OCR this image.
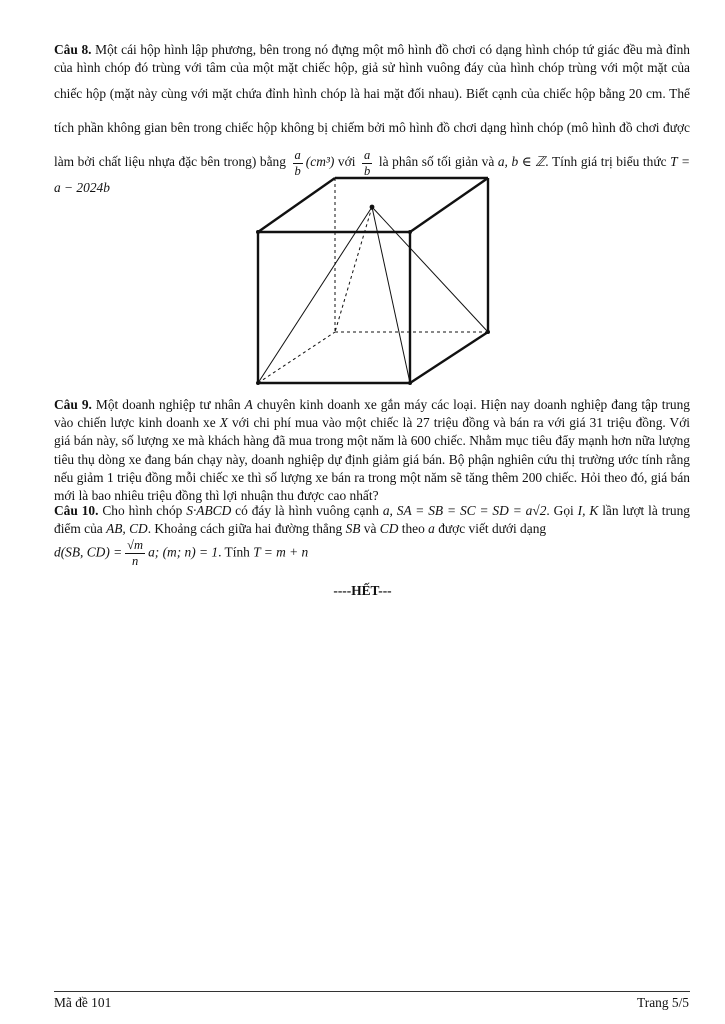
Câu 8. Một cái hộp hình lập phương, bên trong nó đựng một mô hình đồ chơi có dạng hình chóp tứ giác đều mà đỉnh của hình chóp đó trùng với tâm của một mặt chiếc hộp, giả sử hình vuông đáy của hình chóp trùng với một mặt của chiếc hộp (mặt này cùng với mặt chứa đỉnh hình chóp là hai mặt đối nhau). Biết cạnh của chiếc hộp bằng 20 cm. Thể tích phần không gian bên trong chiếc hộp không bị chiếm bởi mô hình đồ chơi dạng hình chóp (mô hình đồ chơi được làm bởi chất liệu nhựa đặc bên trong) bằng $\frac{a}{b} (cm^3)$ với $\frac{a}{b}$ là phân số tối giản và a, b ∈ ℤ. Tính giá trị biểu thức T = a − 2024b
Câu 9. Một doanh nghiệp tư nhân A chuyên kinh doanh xe gắn máy các loại. Hiện nay doanh nghiệp đang tập trung vào chiến lược kinh doanh xe X với chi phí mua vào một chiếc là 27 triệu đồng và bán ra với giá 31 triệu đồng. Với giá bán này, số lượng xe mà khách hàng đã mua trong một năm là 600 chiếc. Nhằm mục tiêu đẩy mạnh hơn nữa lượng tiêu thụ dòng xe đang bán chạy này, doanh nghiệp dự định giảm giá bán. Bộ phận nghiên cứu thị trường ước tính rằng nếu giảm 1 triệu đồng mỗi chiếc xe thì số lượng xe bán ra trong một năm sẽ tăng thêm 200 chiếc. Hỏi theo đó, giá bán mới là bao nhiêu triệu đồng thì lợi nhuận thu được cao nhất?
Câu 10. Cho hình chóp S·ABCD có đáy là hình vuông cạnh a, SA = SB = SC = SD = a√2. Gọi I, K lần lượt là trung điểm của AB, CD. Khoảng cách giữa hai đường thẳng SB và CD theo a được viết dưới dạng
d(SB, $CD) = \frac{√m}{n} a$; (m; n) = 1. Tính T = m + n
----HẾT---
Mã đề 101	Trang 5/5
